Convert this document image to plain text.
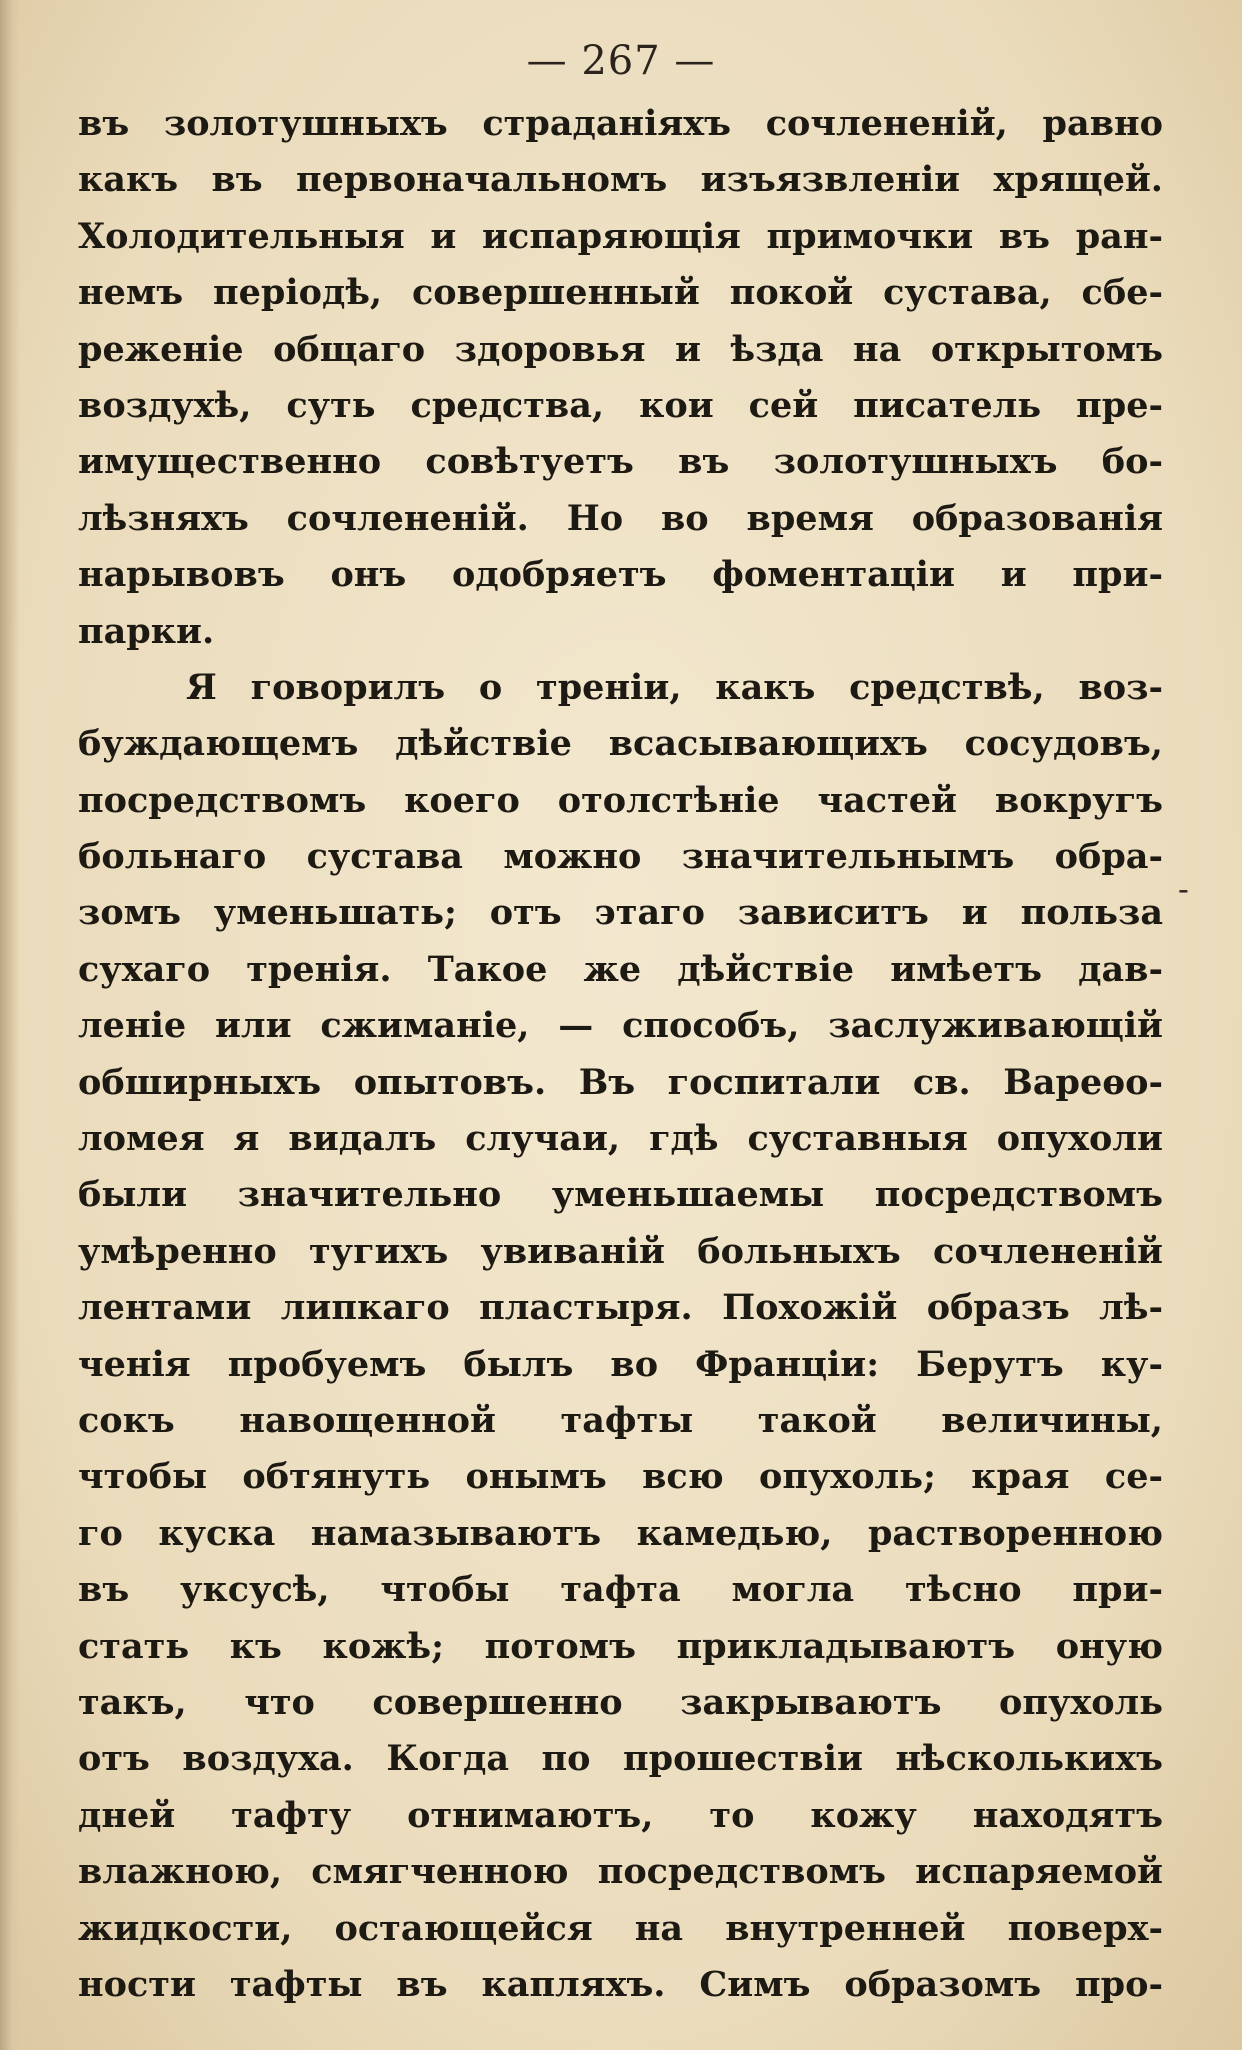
— 267 —
въ золотушныхъ страданіяхъ сочлененій, равно
какъ въ первоначальномъ изъязвленіи хрящей.
Холодительныя и испаряющія примочки въ ран-
немъ періодѣ, совершенный покой сустава, сбе-
реженіе общаго здоровья и ѣзда на открытомъ
воздухѣ, суть средства, кои сей писатель пре-
имущественно совѣтуетъ въ золотушныхъ бо-
лѣзняхъ сочлененій. Но во время образованія
нарывовъ онъ одобряетъ фоментаціи и при-
парки.
Я говорилъ о треніи, какъ средствѣ, воз-
буждающемъ дѣйствіе всасывающихъ сосудовъ,
посредствомъ коего отолстѣніе частей вокругъ
больнаго сустава можно значительнымъ обра-
зомъ уменьшать; отъ этаго зависитъ и польза
сухаго тренія. Такое же дѣйствіе имѣетъ дав-
леніе или сжиманіе, — способъ, заслуживающій
обширныхъ опытовъ. Въ госпитали св. Вареѳо-
ломея я видалъ случаи, гдѣ суставныя опухоли
были значительно уменьшаемы посредствомъ
умѣренно тугихъ увиваній больныхъ сочлененій
лентами липкаго пластыря. Похожій образъ лѣ-
ченія пробуемъ былъ во Франціи: Берутъ ку-
сокъ навощенной тафты такой величины,
чтобы обтянуть онымъ всю опухоль; края се-
го куска намазываютъ камедью, растворенною
въ уксусѣ, чтобы тафта могла тѣсно при-
стать къ кожѣ; потомъ прикладываютъ оную
такъ, что совершенно закрываютъ опухоль
отъ воздуха. Когда по прошествіи нѣсколькихъ
дней тафту отнимаютъ, то кожу находятъ
влажною, смягченною посредствомъ испаряемой
жидкости, остающейся на внутренней поверх-
ности тафты въ капляхъ. Симъ образомъ про-
-
